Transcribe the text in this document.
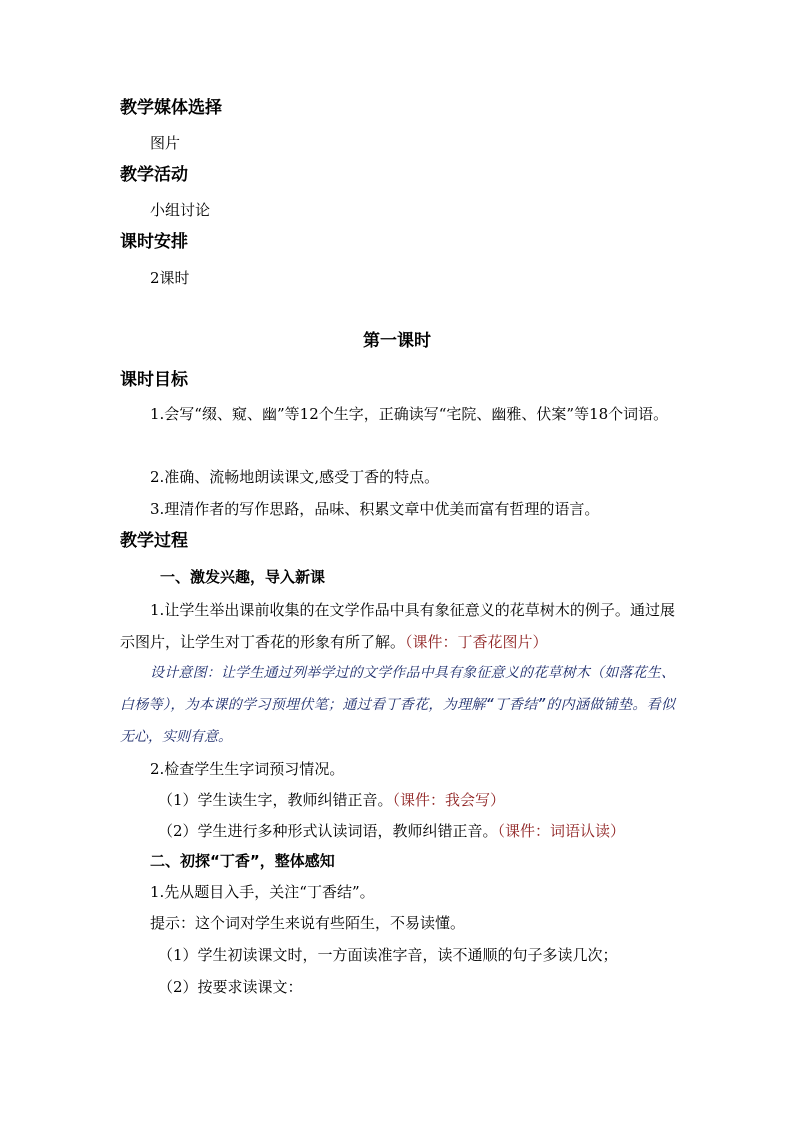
教学媒体选择
图片
教学活动
小组讨论
课时安排
2课时
第一课时
课时目标
1.会写“缀、窥、幽”等12个生字，正确读写“宅院、幽雅、伏案”等18个词语。
2.准确、流畅地朗读课文,感受丁香的特点。
3.理清作者的写作思路，品味、积累文章中优美而富有哲理的语言。
教学过程
一、激发兴趣，导入新课
1.让学生举出课前收集的在文学作品中具有象征意义的花草树木的例子。通过展示图片，让学生对丁香花的形象有所了解。（课件：丁香花图片）
设计意图：让学生通过列举学过的文学作品中具有象征意义的花草树木（如落花生、白杨等），为本课的学习预埋伏笔；通过看丁香花，为理解“丁香结”的内涵做铺垫。看似无心，实则有意。
2.检查学生生字词预习情况。
（1）学生读生字，教师纠错正音。（课件：我会写）
（2）学生进行多种形式认读词语，教师纠错正音。（课件：词语认读）
二、初探“丁香”，整体感知
1.先从题目入手，关注“丁香结”。
提示：这个词对学生来说有些陌生，不易读懂。
（1）学生初读课文时，一方面读准字音，读不通顺的句子多读几次；
（2）按要求读课文：
